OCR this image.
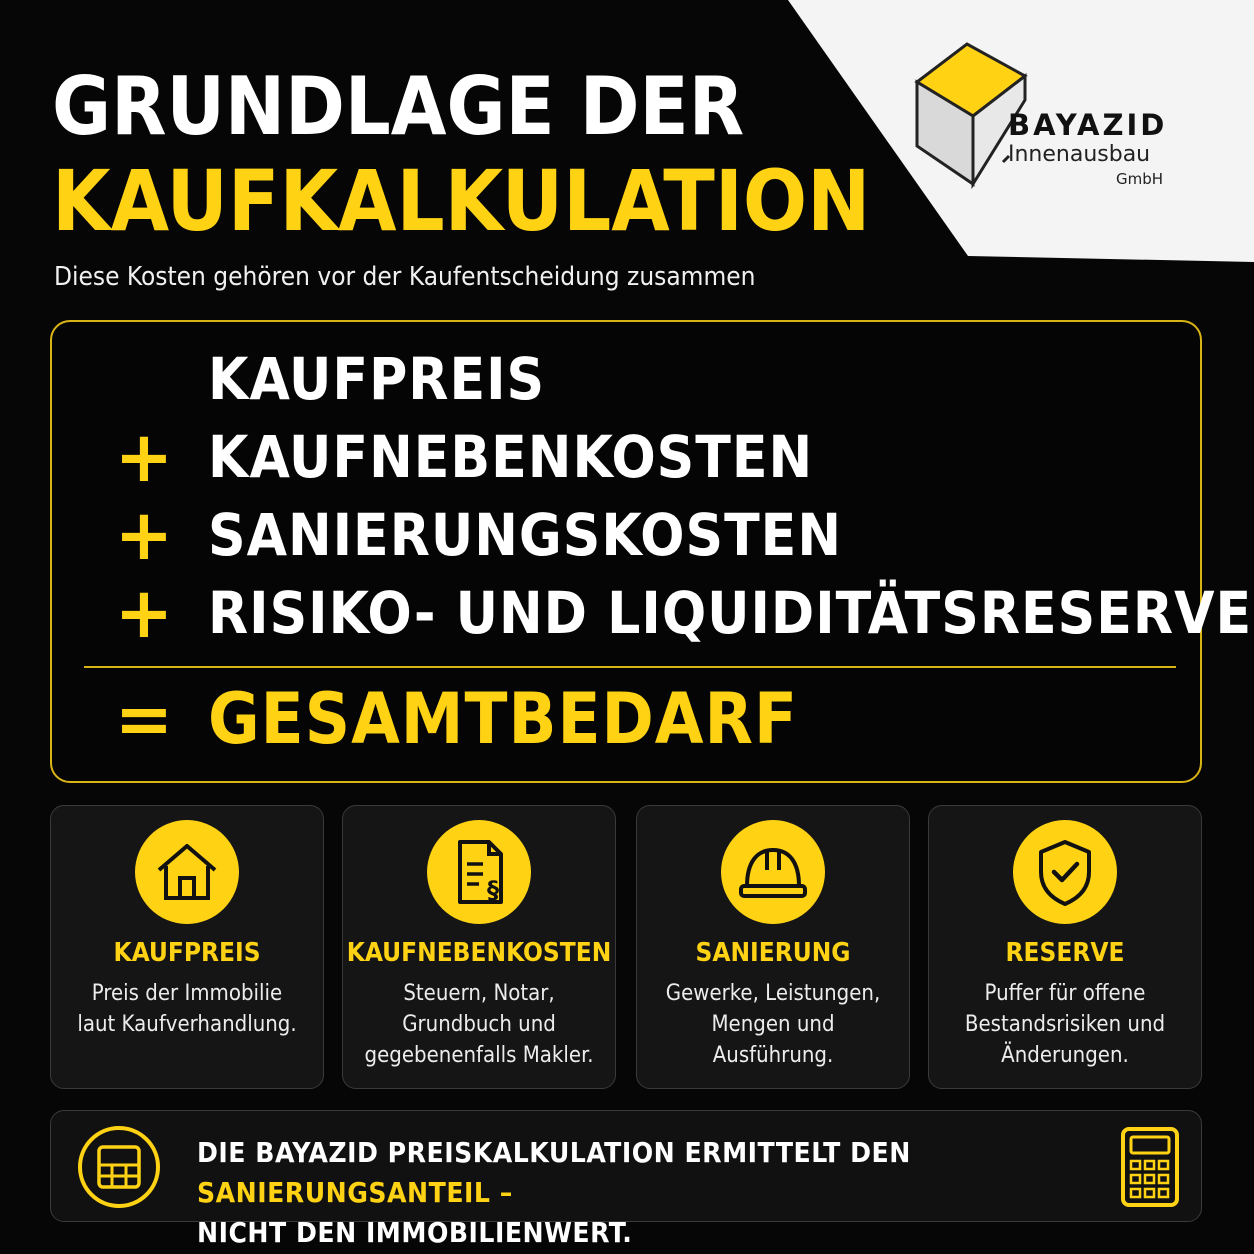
BAYAZID
Innenausbau
GmbH
GRUNDLAGE DER
KAUFKALKULATION
Diese Kosten gehören vor der Kaufentscheidung zusammen
KAUFPREIS
+ KAUFNEBENKOSTEN
+ SANIERUNGSKOSTEN
+ RISIKO- UND LIQUIDITÄTSRESERVE
= GESAMTBEDARF
KAUFPREIS
Preis der Immobilie
laut Kaufverhandlung.
§
KAUFNEBENKOSTEN
Steuern, Notar,
Grundbuch und
gegebenenfalls Makler.
SANIERUNG
Gewerke, Leistungen,
Mengen und
Ausführung.
RESERVE
Puffer für offene
Bestandsrisiken und
Änderungen.
DIE BAYAZID PREISKALKULATION ERMITTELT DEN SANIERUNGSANTEIL –
NICHT DEN IMMOBILIENWERT.
